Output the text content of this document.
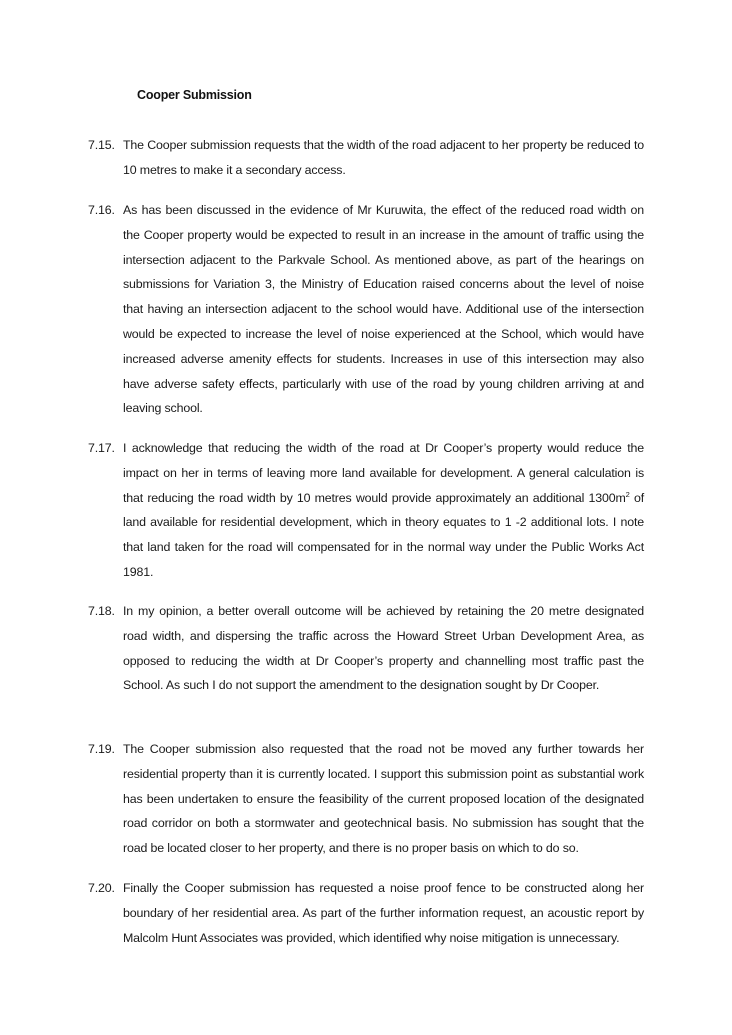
Cooper Submission
7.15. The Cooper submission requests that the width of the road adjacent to her property be reduced to 10 metres to make it a secondary access.
7.16. As has been discussed in the evidence of Mr Kuruwita, the effect of the reduced road width on the Cooper property would be expected to result in an increase in the amount of traffic using the intersection adjacent to the Parkvale School. As mentioned above, as part of the hearings on submissions for Variation 3, the Ministry of Education raised concerns about the level of noise that having an intersection adjacent to the school would have. Additional use of the intersection would be expected to increase the level of noise experienced at the School, which would have increased adverse amenity effects for students. Increases in use of this intersection may also have adverse safety effects, particularly with use of the road by young children arriving at and leaving school.
7.17. I acknowledge that reducing the width of the road at Dr Cooper’s property would reduce the impact on her in terms of leaving more land available for development. A general calculation is that reducing the road width by 10 metres would provide approximately an additional $1300m^2$ of land available for residential development, which in theory equates to 1 -2 additional lots. I note that land taken for the road will compensated for in the normal way under the Public Works Act 1981.
7.18. In my opinion, a better overall outcome will be achieved by retaining the 20 metre designated road width, and dispersing the traffic across the Howard Street Urban Development Area, as opposed to reducing the width at Dr Cooper’s property and channelling most traffic past the School. As such I do not support the amendment to the designation sought by Dr Cooper.
7.19. The Cooper submission also requested that the road not be moved any further towards her residential property than it is currently located. I support this submission point as substantial work has been undertaken to ensure the feasibility of the current proposed location of the designated road corridor on both a stormwater and geotechnical basis. No submission has sought that the road be located closer to her property, and there is no proper basis on which to do so.
7.20. Finally the Cooper submission has requested a noise proof fence to be constructed along her boundary of her residential area. As part of the further information request, an acoustic report by Malcolm Hunt Associates was provided, which identified why noise mitigation is unnecessary.
